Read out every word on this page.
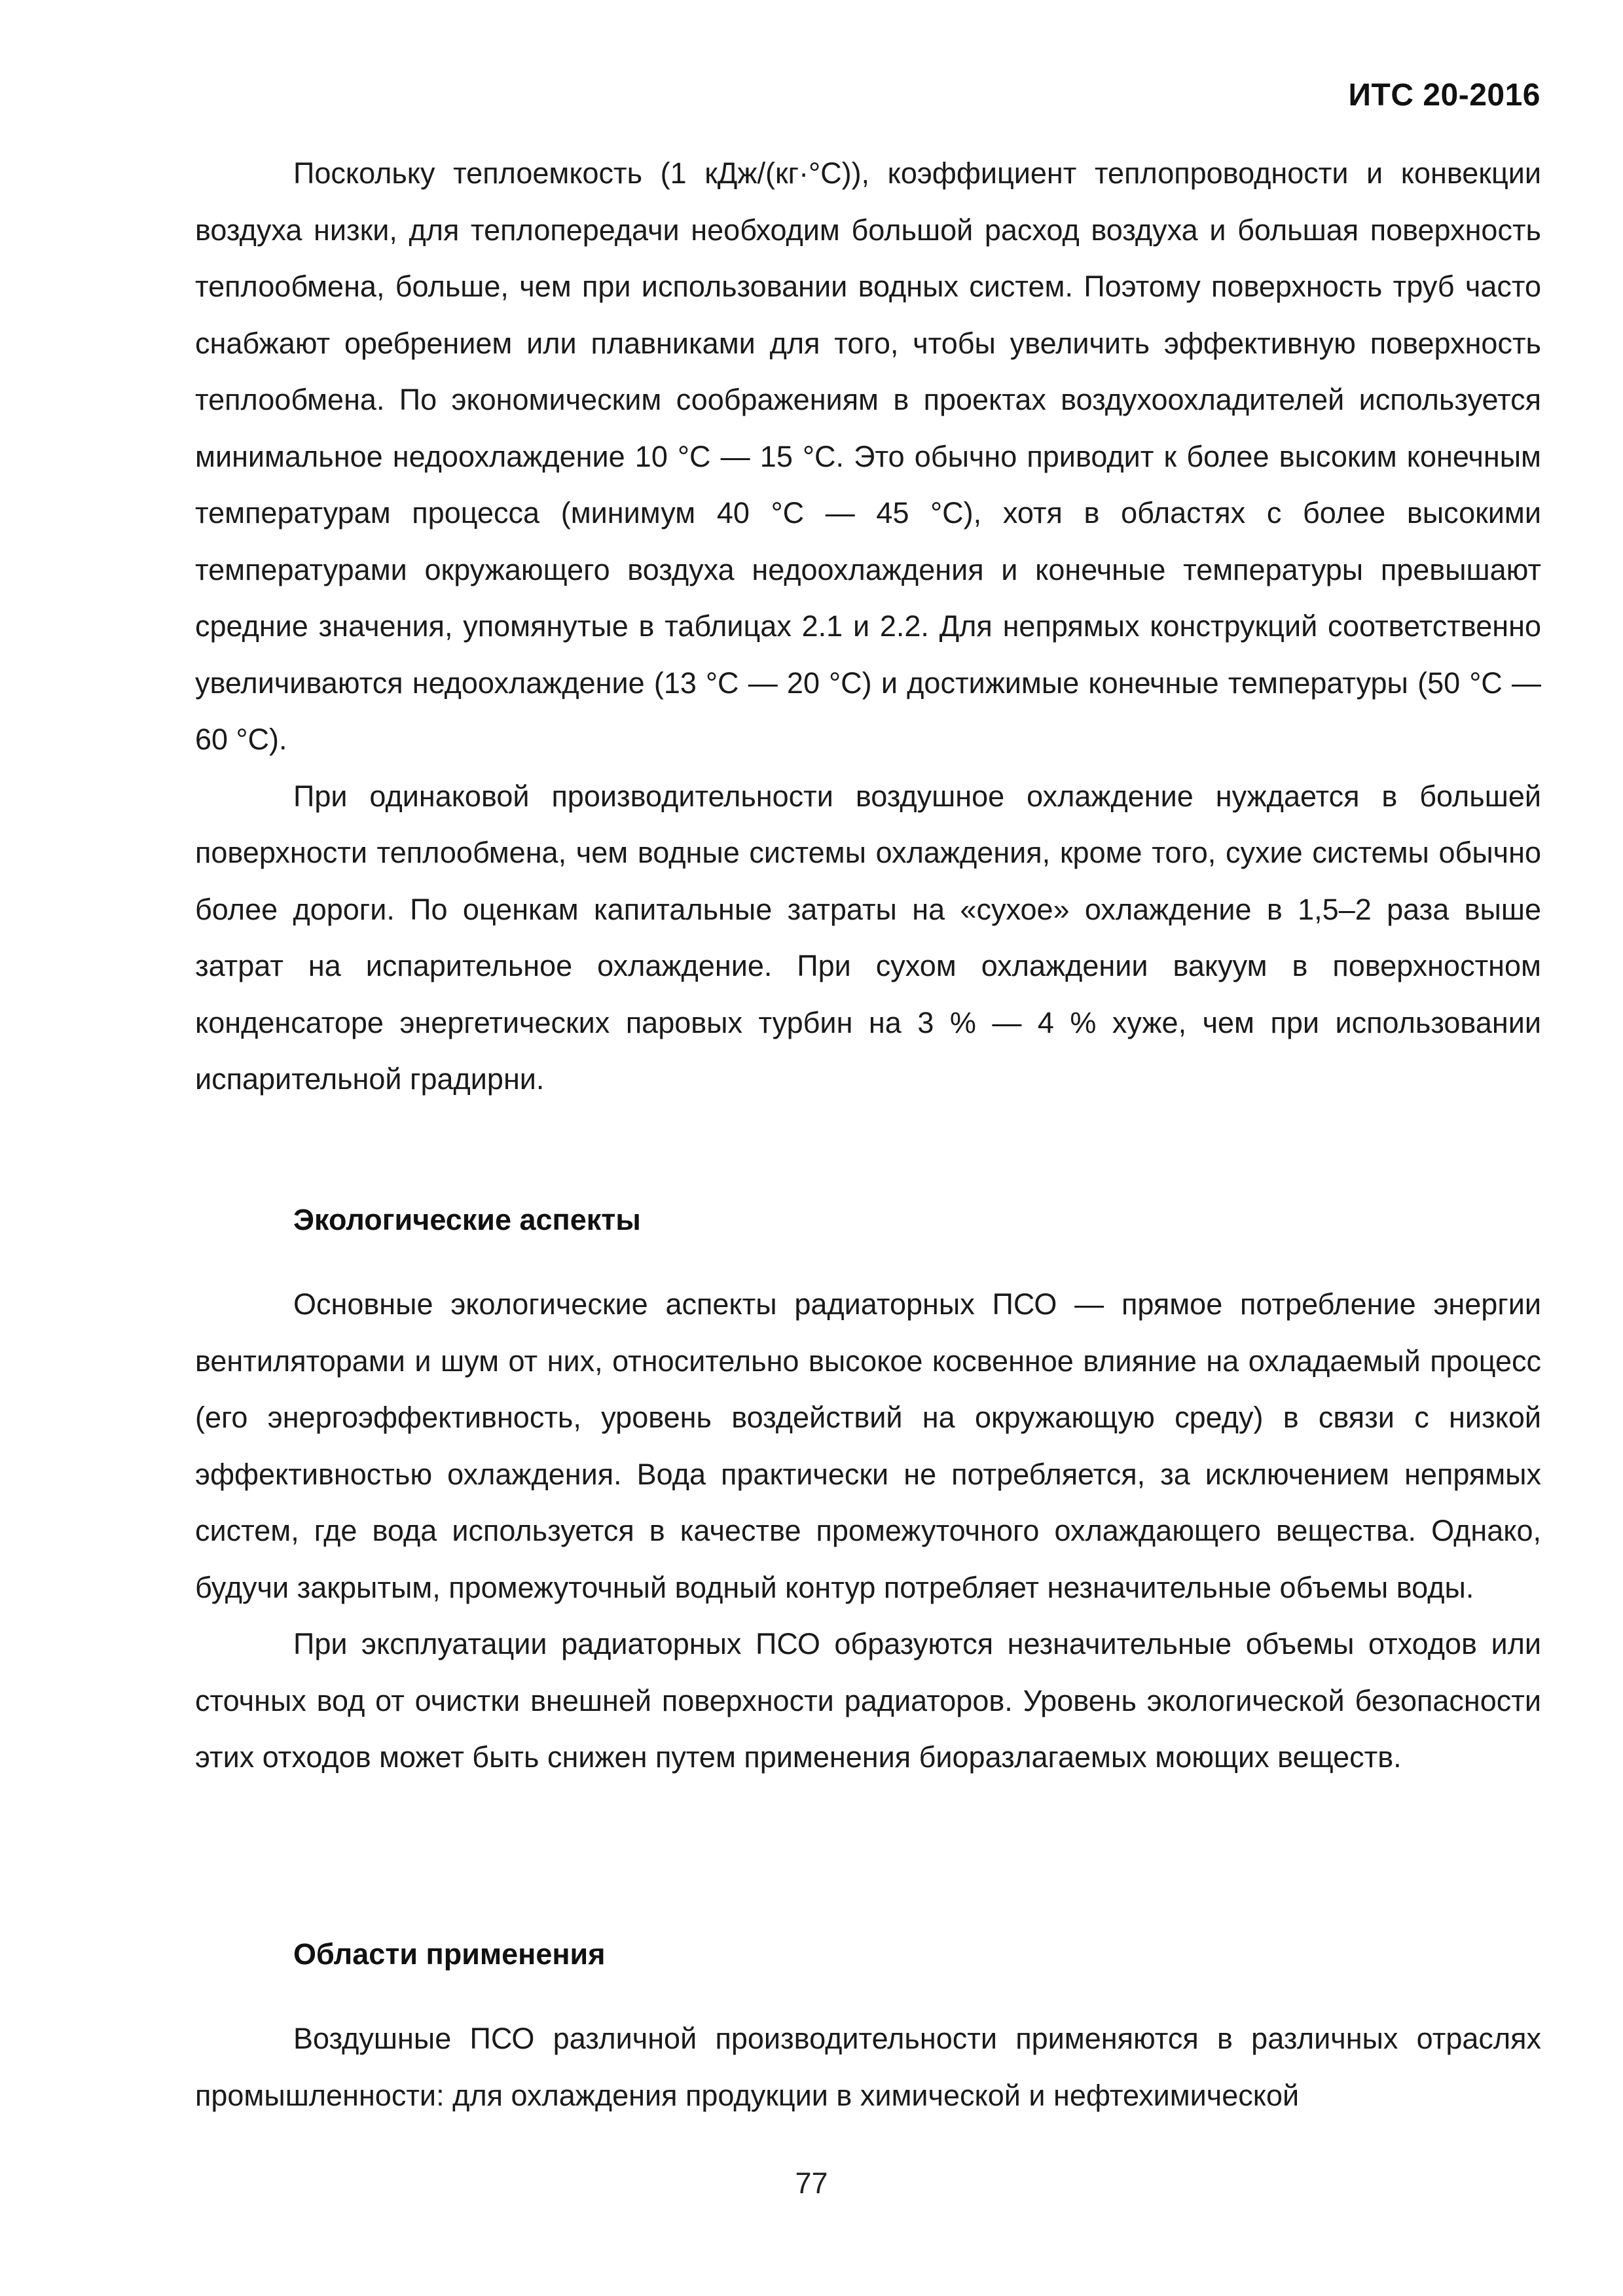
ИТС 20-2016

Поскольку теплоемкость (1 кДж/(кг·°С)), коэффициент теплопроводности и конвекции воздуха низки, для теплопередачи необходим большой расход воздуха и большая поверхность теплообмена, больше, чем при использовании водных систем. Поэтому поверхность труб часто снабжают оребрением или плавниками для того, чтобы увеличить эффективную поверхность теплообмена. По экономическим соображениям в проектах воздухоохладителей используется минимальное недоохлаждение 10 °С — 15 °С. Это обычно приводит к более высоким конечным температурам процесса (минимум 40 °С — 45 °С), хотя в областях с более высокими температурами окружающего воздуха недоохлаждения и конечные температуры превышают средние значения, упомянутые в таблицах 2.1 и 2.2. Для непрямых конструкций соответственно увеличиваются недоохлаждение (13 °С — 20 °С) и достижимые конечные температуры (50 °С — 60 °С).

При одинаковой производительности воздушное охлаждение нуждается в большей поверхности теплообмена, чем водные системы охлаждения, кроме того, сухие системы обычно более дороги. По оценкам капитальные затраты на «сухое» охлаждение в 1,5–2 раза выше затрат на испарительное охлаждение. При сухом охлаждении вакуум в поверхностном конденсаторе энергетических паровых турбин на 3 % — 4 % хуже, чем при использовании испарительной градирни.

Экологические аспекты

Основные экологические аспекты радиаторных ПСО — прямое потребление энергии вентиляторами и шум от них, относительно высокое косвенное влияние на охладаемый процесс (его энергоэффективность, уровень воздействий на окружающую среду) в связи с низкой эффективностью охлаждения. Вода практически не потребляется, за исключением непрямых систем, где вода используется в качестве промежуточного охлаждающего вещества. Однако, будучи закрытым, промежуточный водный контур потребляет незначительные объемы воды.

При эксплуатации радиаторных ПСО образуются незначительные объемы отходов или сточных вод от очистки внешней поверхности радиаторов. Уровень экологической безопасности этих отходов может быть снижен путем применения биоразлагаемых моющих веществ.

Области применения

Воздушные ПСО различной производительности применяются в различных отраслях промышленности: для охлаждения продукции в химической и нефтехимической

77
